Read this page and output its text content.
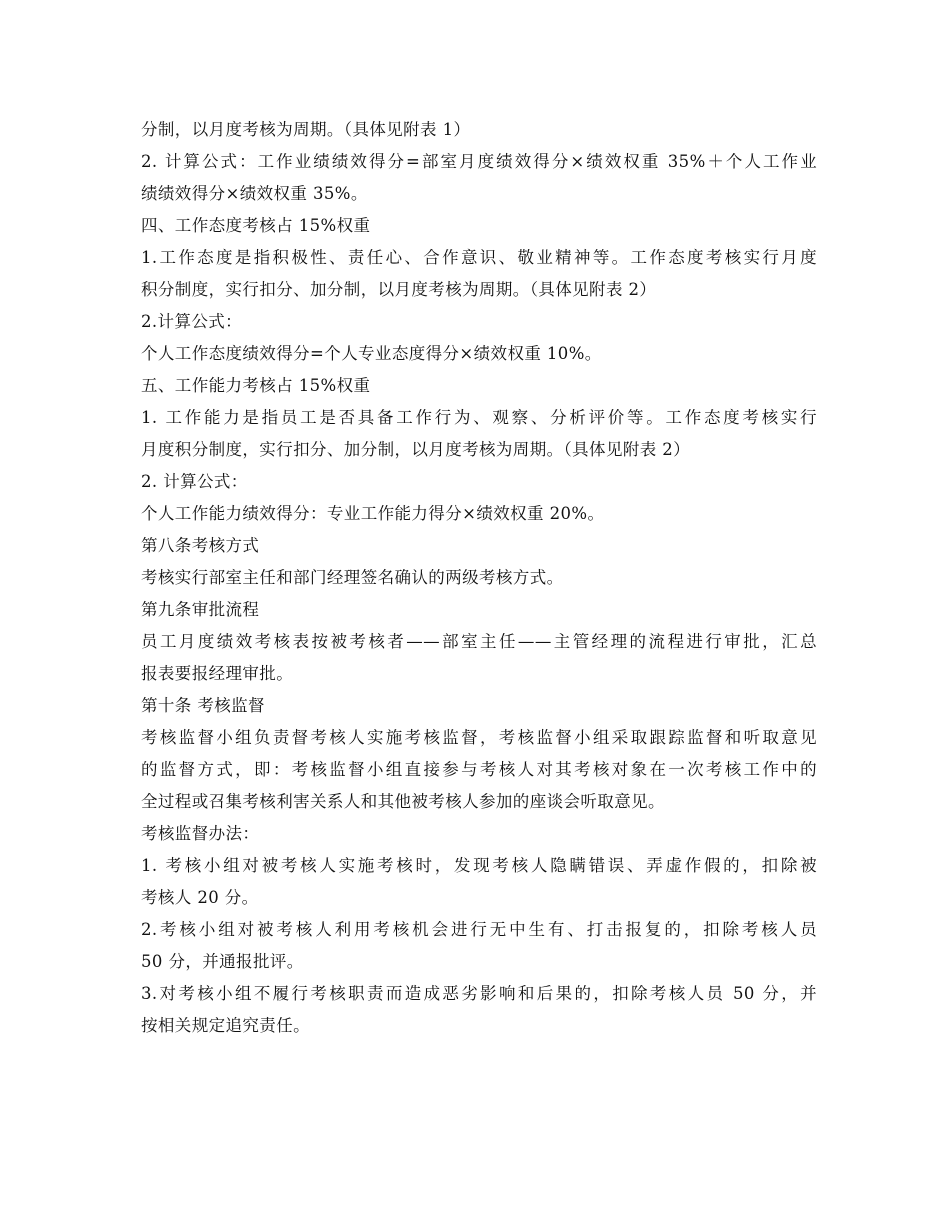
分制，以月度考核为周期。（具体见附表 1）
2. 计算公式：工作业绩绩效得分=部室月度绩效得分×绩效权重 35%＋个人工作业
绩绩效得分×绩效权重 35%。
四、工作态度考核占 15%权重
1.工作态度是指积极性、责任心、合作意识、敬业精神等。工作态度考核实行月度
积分制度，实行扣分、加分制，以月度考核为周期。（具体见附表 2）
2.计算公式：
个人工作态度绩效得分=个人专业态度得分×绩效权重 10%。
五、工作能力考核占 15%权重
1. 工作能力是指员工是否具备工作行为、观察、分析评价等。工作态度考核实行
月度积分制度，实行扣分、加分制，以月度考核为周期。（具体见附表 2）
2. 计算公式：
个人工作能力绩效得分：专业工作能力得分×绩效权重 20%。
第八条考核方式
考核实行部室主任和部门经理签名确认的两级考核方式。
第九条审批流程
员工月度绩效考核表按被考核者——部室主任——主管经理的流程进行审批，汇总
报表要报经理审批。
第十条 考核监督
考核监督小组负责督考核人实施考核监督，考核监督小组采取跟踪监督和听取意见
的监督方式，即：考核监督小组直接参与考核人对其考核对象在一次考核工作中的
全过程或召集考核利害关系人和其他被考核人参加的座谈会听取意见。
考核监督办法：
1. 考核小组对被考核人实施考核时，发现考核人隐瞒错误、弄虚作假的，扣除被
考核人 20 分。
2.考核小组对被考核人利用考核机会进行无中生有、打击报复的，扣除考核人员
50 分，并通报批评。
3.对考核小组不履行考核职责而造成恶劣影响和后果的，扣除考核人员 50 分，并
按相关规定追究责任。
